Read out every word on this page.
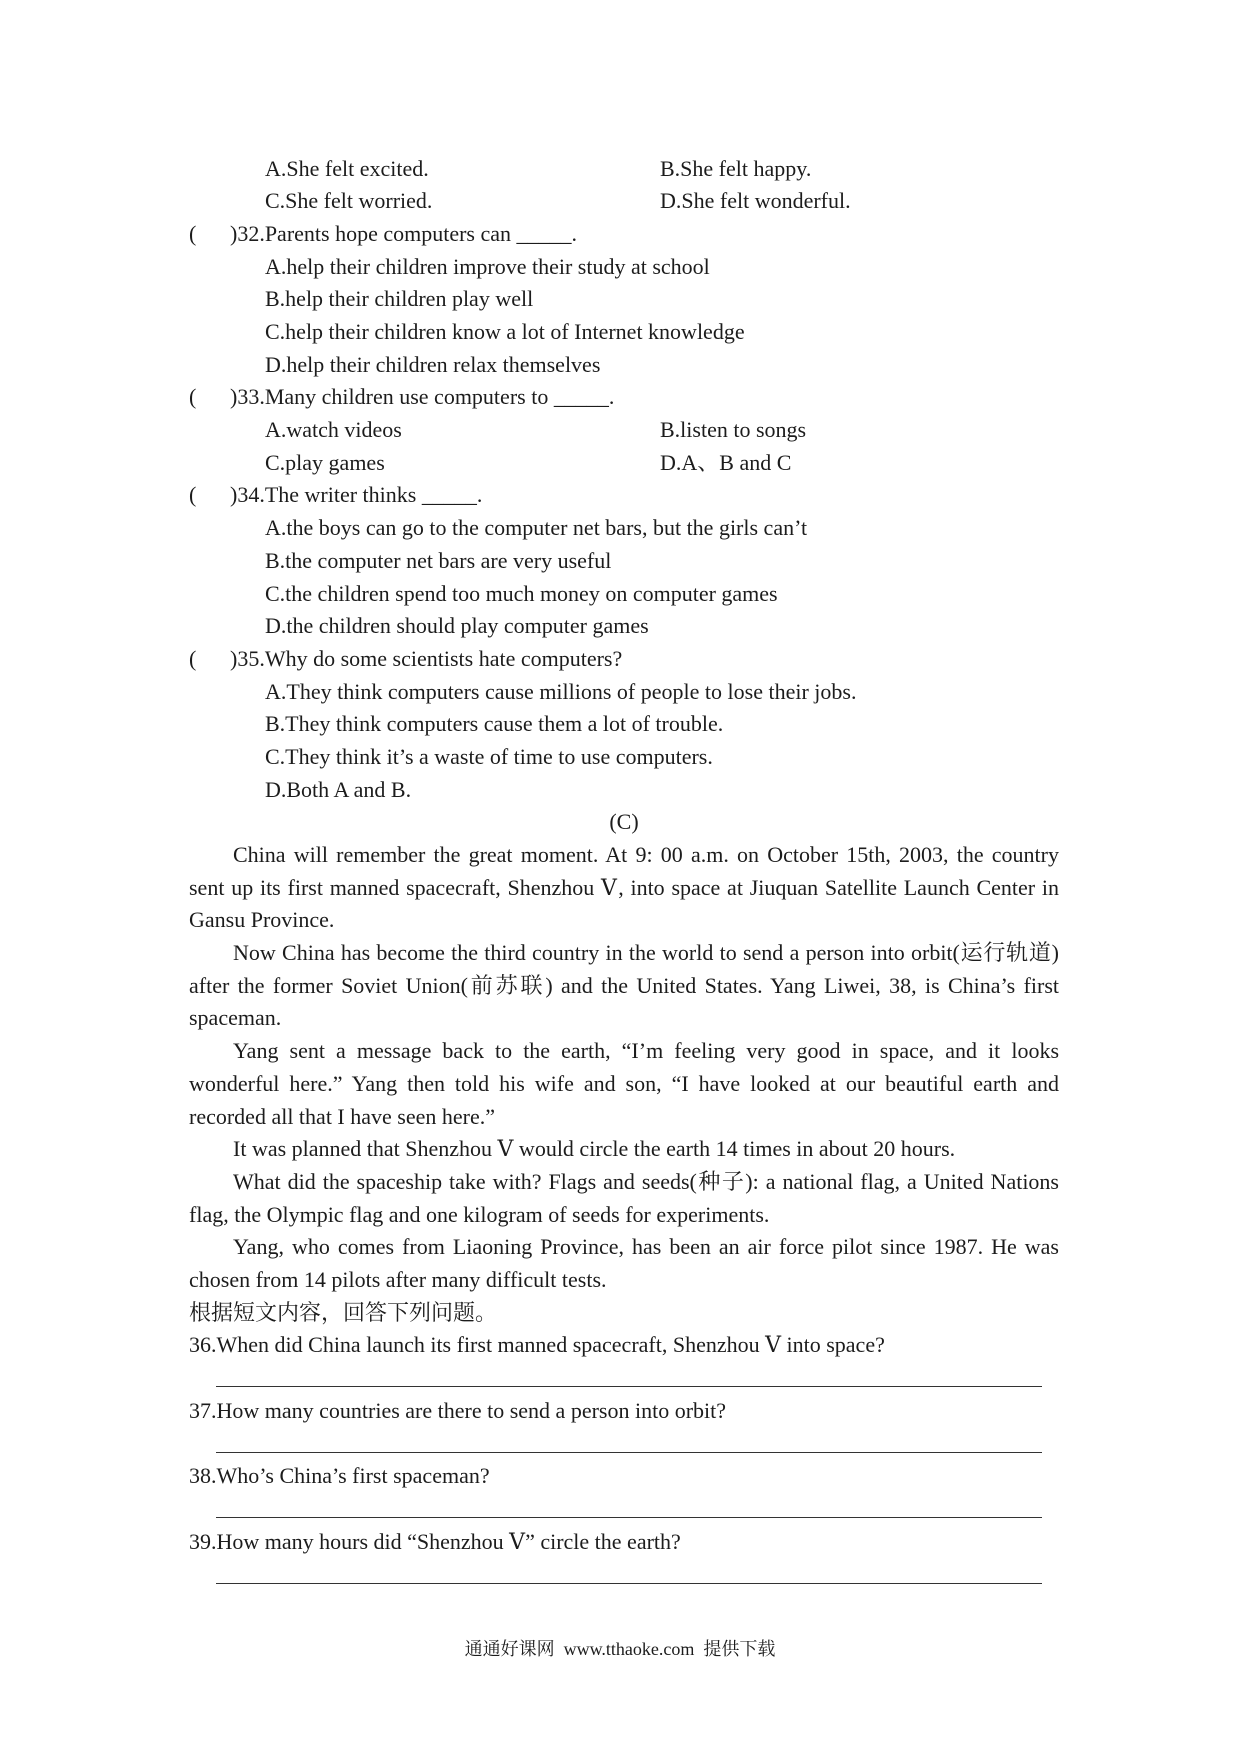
A.She felt excited.	B.She felt happy.
C.She felt worried.	D.She felt wonderful.
( )32.Parents hope computers can _____.
A.help their children improve their study at school
B.help their children play well
C.help their children know a lot of Internet knowledge
D.help their children relax themselves
( )33.Many children use computers to _____.
A.watch videos	B.listen to songs
C.play games	D.A、B and C
( )34.The writer thinks _____.
A.the boys can go to the computer net bars, but the girls can’t
B.the computer net bars are very useful
C.the children spend too much money on computer games
D.the children should play computer games
( )35.Why do some scientists hate computers?
A.They think computers cause millions of people to lose their jobs.
B.They think computers cause them a lot of trouble.
C.They think it’s a waste of time to use computers.
D.Both A and B.
(C)
China will remember the great moment. At 9: 00 a.m. on October 15th, 2003, the country
sent up its first manned spacecraft, Shenzhou Ⅴ, into space at Jiuquan Satellite Launch Center in
Gansu Province.
Now China has become the third country in the world to send a person into orbit(运行轨道)
after the former Soviet Union(前苏联) and the United States. Yang Liwei, 38, is China’s first
spaceman.
Yang sent a message back to the earth, “I’m feeling very good in space, and it looks
wonderful here.” Yang then told his wife and son, “I have looked at our beautiful earth and
recorded all that I have seen here.”
It was planned that Shenzhou Ⅴ would circle the earth 14 times in about 20 hours.
What did the spaceship take with? Flags and seeds(种子): a national flag, a United Nations
flag, the Olympic flag and one kilogram of seeds for experiments.
Yang, who comes from Liaoning Province, has been an air force pilot since 1987. He was
chosen from 14 pilots after many difficult tests.
根据短文内容，回答下列问题。
36.When did China launch its first manned spacecraft, Shenzhou Ⅴ into space?
37.How many countries are there to send a person into orbit?
38.Who’s China’s first spaceman?
39.How many hours did “Shenzhou Ⅴ” circle the earth?
通通好课网  www.tthaoke.com  提供下载
